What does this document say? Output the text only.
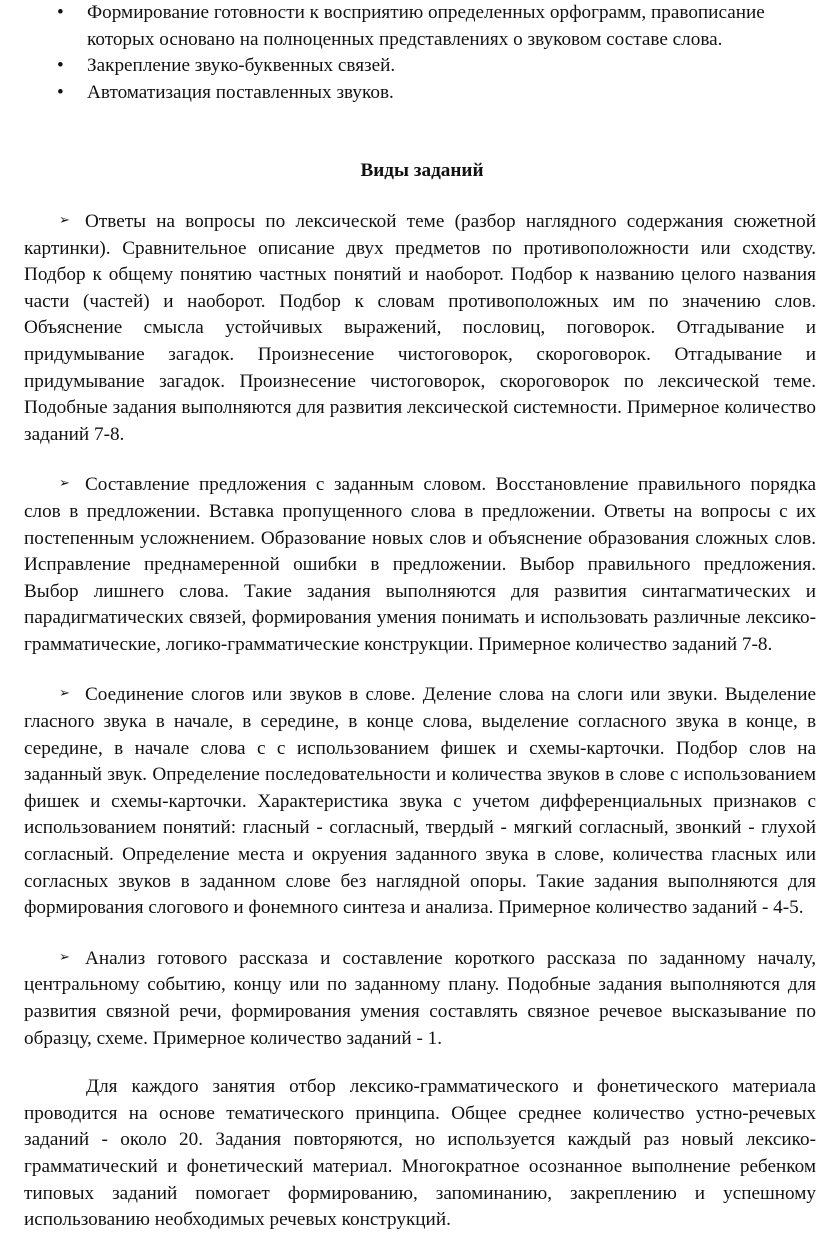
• Формирование готовности к восприятию определенных орфограмм, правописание которых основано на полноценных представлениях о звуковом составе слова.
• Закрепление звуко-буквенных связей.
• Автоматизация поставленных звуков.
Виды заданий

➢ Ответы на вопросы по лексической теме (разбор наглядного содержания сюжетной картинки). Сравнительное описание двух предметов по противоположности или сходству. Подбор к общему понятию частных понятий и наоборот. Подбор к названию целого названия части (частей) и наоборот. Подбор к словам противоположных им по значению слов. Объяснение смысла устойчивых выражений, пословиц, поговорок. Отгадывание и придумывание загадок. Произнесение чистоговорок, скороговорок. Отгадывание и придумывание загадок. Произнесение чистоговорок, скороговорок по лексической теме. Подобные задания выполняются для развития лексической системности. Примерное количество заданий 7-8.

➢ Составление предложения с заданным словом. Восстановление правильного порядка слов в предложении. Вставка пропущенного слова в предложении. Ответы на вопросы с их постепенным усложнением. Образование новых слов и объяснение образования сложных слов. Исправление преднамеренной ошибки в предложении. Выбор правильного предложения. Выбор лишнего слова. Такие задания выполняются для развития синтагматических и парадигматических связей, формирования умения понимать и использовать различные лексико-грамматические, логико-грамматические конструкции. Примерное количество заданий 7-8.

➢ Соединение слогов или звуков в слове. Деление слова на слоги или звуки. Выделение гласного звука в начале, в середине, в конце слова, выделение согласного звука в конце, в середине, в начале слова с с использованием фишек и схемы-карточки. Подбор слов на заданный звук. Определение последовательности и количества звуков в слове с использованием фишек и схемы-карточки. Характеристика звука с учетом дифференциальных признаков с использованием понятий: гласный - согласный, твердый - мягкий согласный, звонкий - глухой согласный. Определение места и окруения заданного звука в слове, количества гласных или согласных звуков в заданном слове без наглядной опоры. Такие задания выполняются для формирования слогового и фонемного синтеза и анализа. Примерное количество заданий - 4-5.

➢ Анализ готового рассказа и составление короткого рассказа по заданному началу, центральному событию, концу или по заданному плану. Подобные задания выполняются для развития связной речи, формирования умения составлять связное речевое высказывание по образцу, схеме. Примерное количество заданий - 1.

Для каждого занятия отбор лексико-грамматического и фонетического материала проводится на основе тематического принципа. Общее среднее количество устно-речевых заданий - около 20. Задания повторяются, но используется каждый раз новый лексико-грамматический и фонетический материал. Многократное осознанное выполнение ребенком типовых заданий помогает формированию, запоминанию, закреплению и успешному использованию необходимых речевых конструкций.
